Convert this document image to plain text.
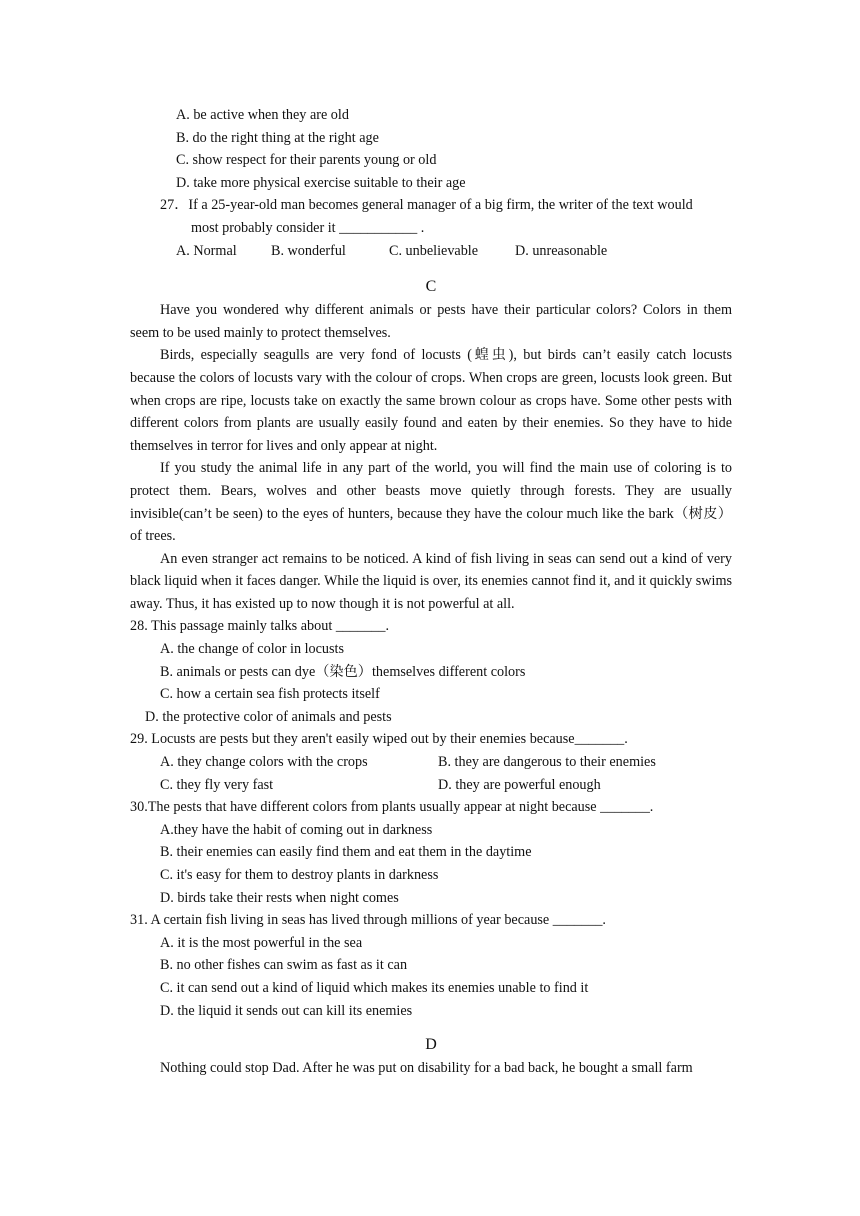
A. be active when they are old
B. do the right thing at the right age
C. show respect for their parents young or old
D. take more physical exercise suitable to their age
27．If a 25-year-old man becomes general manager of a big firm, the writer of the text would
most probably consider it ___________ .
A. Normal	B. wonderful	C. unbelievable	D. unreasonable
C
Have you wondered why different animals or pests have their particular colors? Colors in them seem to be used mainly to protect themselves.
Birds, especially seagulls are very fond of locusts (蝗虫), but birds can’t easily catch locusts because the colors of locusts vary with the colour of crops. When crops are green, locusts look green. But when crops are ripe, locusts take on exactly the same brown colour as crops have. Some other pests with different colors from plants are usually easily found and eaten by their enemies. So they have to hide themselves in terror for lives and only appear at night.
If you study the animal life in any part of the world, you will find the main use of coloring is to protect them. Bears, wolves and other beasts move quietly through forests. They are usually invisible(can’t be seen) to the eyes of hunters, because they have the colour much like the bark（树皮）of trees.
An even stranger act remains to be noticed. A kind of fish living in seas can send out a kind of very black liquid when it faces danger. While the liquid is over, its enemies cannot find it, and it quickly swims away. Thus, it has existed up to now though it is not powerful at all.
28. This passage mainly talks about _______.
A. the change of color in locusts
B. animals or pests can dye（染色）themselves different colors
C. how a certain sea fish protects itself
D. the protective color of animals and pests
29. Locusts are pests but they aren't easily wiped out by their enemies because_______.
A. they change colors with the crops	B. they are dangerous to their enemies
C. they fly very fast	D. they are powerful enough
30.The pests that have different colors from plants usually appear at night because _______.
A.they have the habit of coming out in darkness
B. their enemies can easily find them and eat them in the daytime
C. it's easy for them to destroy plants in darkness
D. birds take their rests when night comes
31. A certain fish living in seas has lived through millions of year because _______.
A. it is the most powerful in the sea
B. no other fishes can swim as fast as it can
C. it can send out a kind of liquid which makes its enemies unable to find it
D. the liquid it sends out can kill its enemies
D
Nothing could stop Dad. After he was put on disability for a bad back, he bought a small farm
